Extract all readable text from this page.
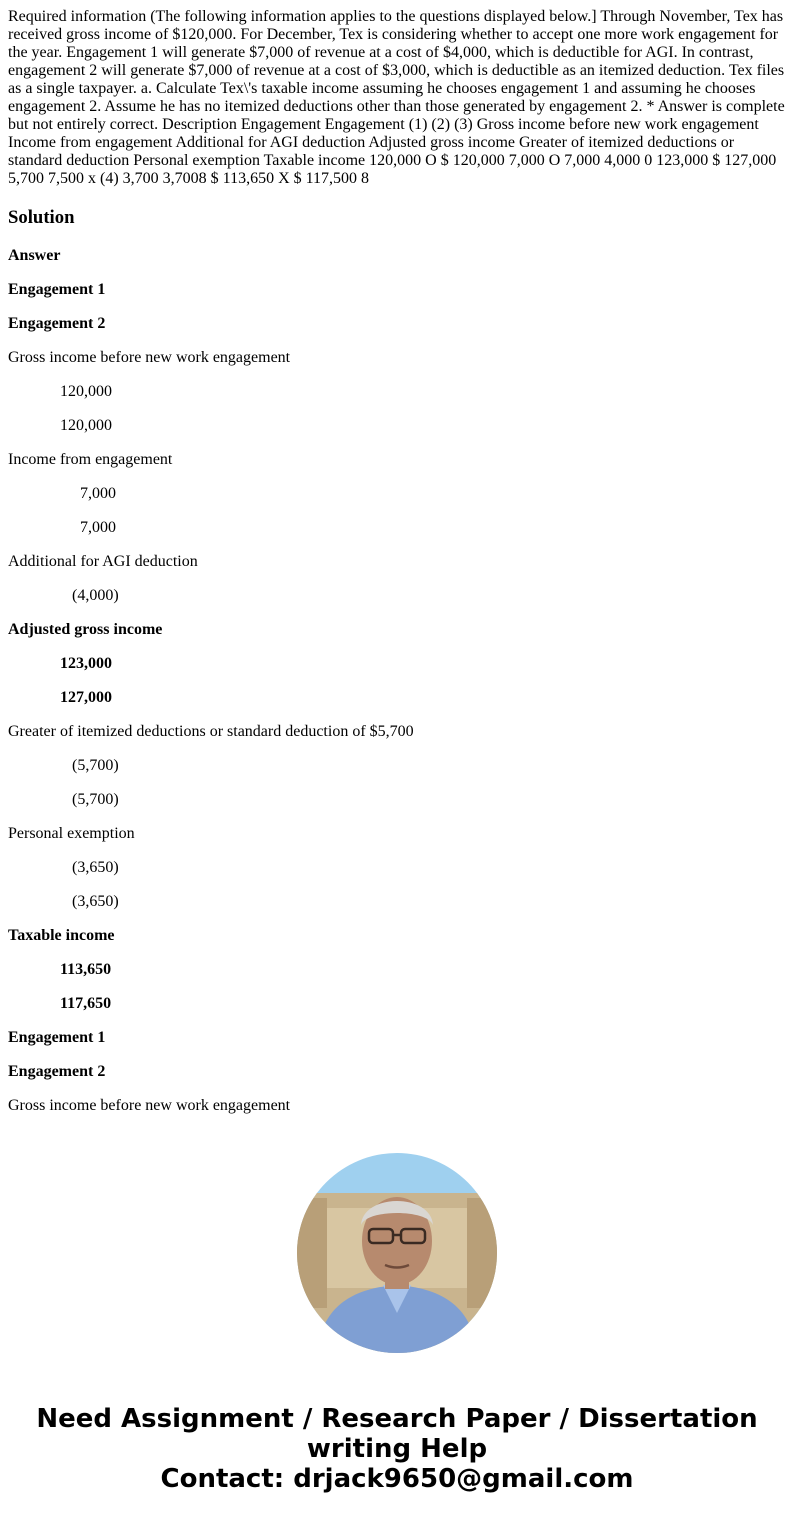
Required information (The following information applies to the questions displayed below.] Through November, Tex has received gross income of $120,000. For December, Tex is considering whether to accept one more work engagement for the year. Engagement 1 will generate $7,000 of revenue at a cost of $4,000, which is deductible for AGI. In contrast, engagement 2 will generate $7,000 of revenue at a cost of $3,000, which is deductible as an itemized deduction. Tex files as a single taxpayer. a. Calculate Tex\'s taxable income assuming he chooses engagement 1 and assuming he chooses engagement 2. Assume he has no itemized deductions other than those generated by engagement 2. * Answer is complete but not entirely correct. Description Engagement Engagement (1) (2) (3) Gross income before new work engagement Income from engagement Additional for AGI deduction Adjusted gross income Greater of itemized deductions or standard deduction Personal exemption Taxable income 120,000 O $ 120,000 7,000 O 7,000 4,000 0 123,000 $ 127,000 5,700 7,500 x (4) 3,700 3,7008 $ 113,650 X $ 117,500 8

Solution

Answer

Engagement 1

Engagement 2

Gross income before new work engagement

120,000

120,000

Income from engagement

7,000

7,000

Additional for AGI deduction

(4,000)

Adjusted gross income

123,000

127,000

Greater of itemized deductions or standard deduction of $5,700

(5,700)

(5,700)

Personal exemption

(3,650)

(3,650)

Taxable income

113,650

117,650

Engagement 1

Engagement 2

Gross income before new work engagement

Need Assignment / Research Paper / Dissertation
writing Help
Contact: drjack9650@gmail.com
